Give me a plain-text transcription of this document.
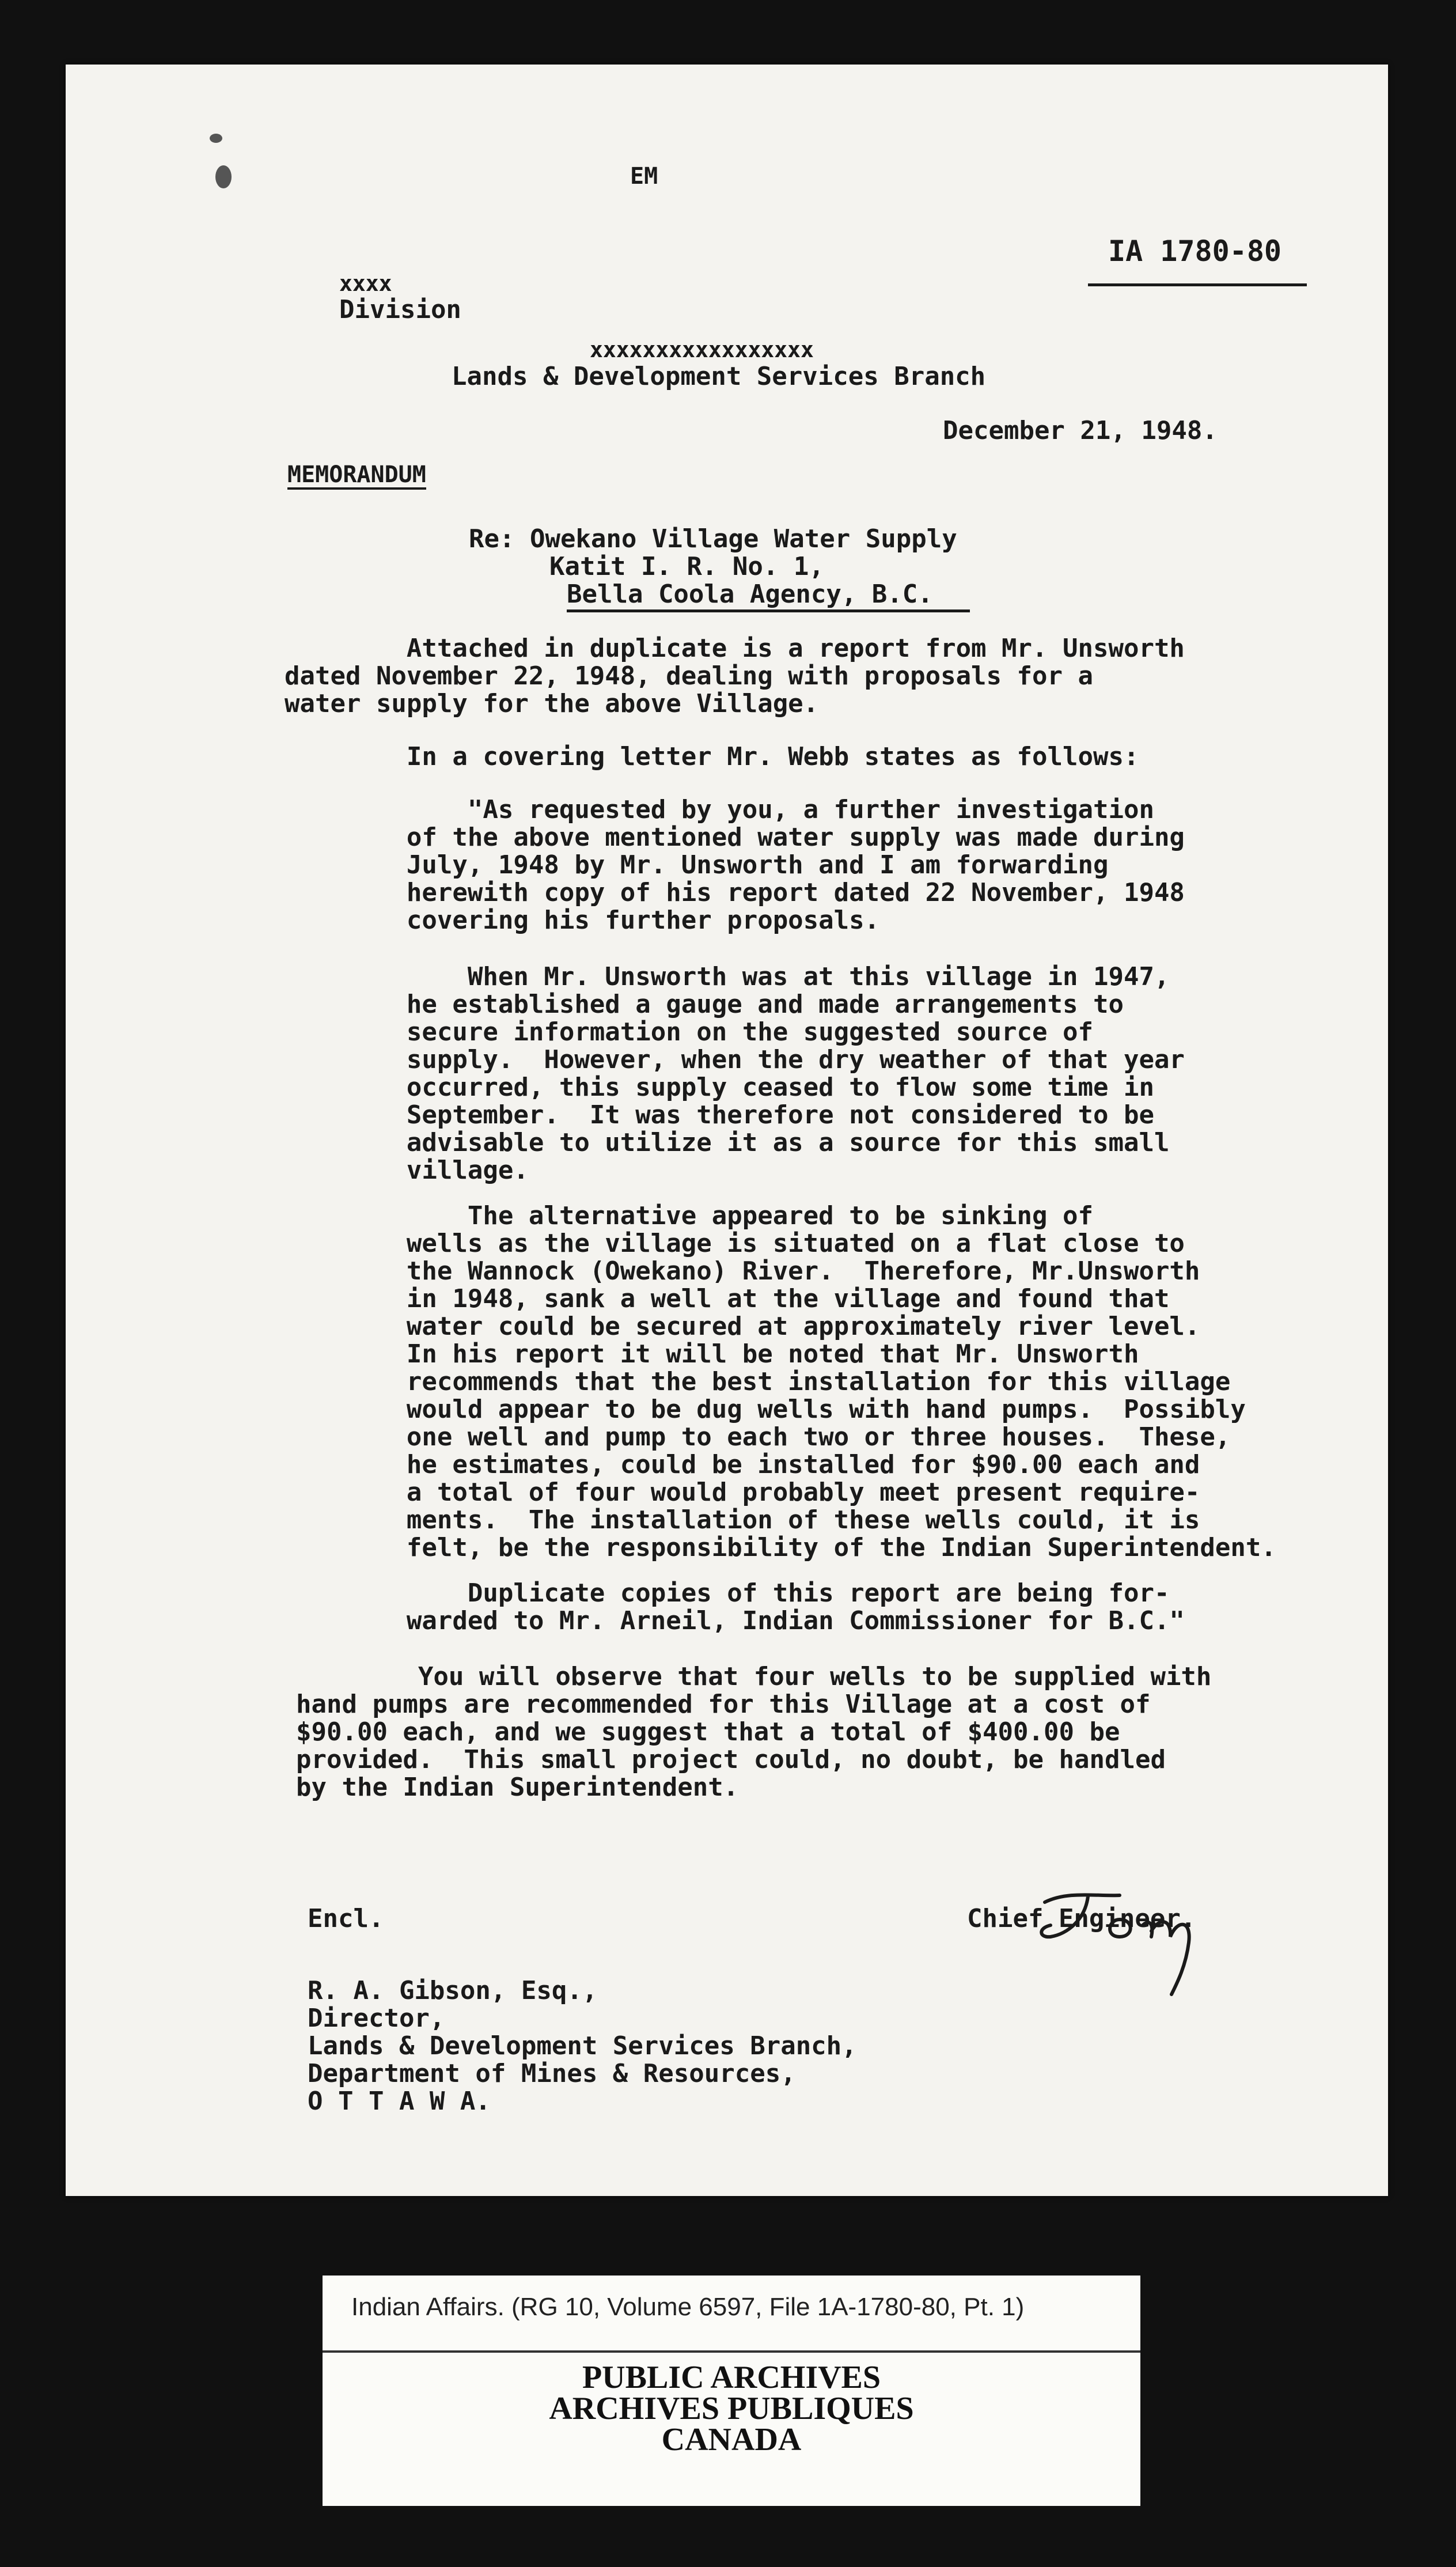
EM
IA 1780-80
xxxx
Division
xxxxxxxxxxxxxxxxx
Lands & Development Services Branch
December 21, 1948.
MEMORANDUM
Re: Owekano Village Water Supply
Katit I. R. No. 1,
Bella Coola Agency, B.C.
Attached in duplicate is a report from Mr. Unsworth
dated November 22, 1948, dealing with proposals for a
water supply for the above Village.
In a covering letter Mr. Webb states as follows:
"As requested by you, a further investigation
of the above mentioned water supply was made during
July, 1948 by Mr. Unsworth and I am forwarding
herewith copy of his report dated 22 November, 1948
covering his further proposals.
When Mr. Unsworth was at this village in 1947,
he established a gauge and made arrangements to
secure information on the suggested source of
supply.  However, when the dry weather of that year
occurred, this supply ceased to flow some time in
September.  It was therefore not considered to be
advisable to utilize it as a source for this small
village.
The alternative appeared to be sinking of
wells as the village is situated on a flat close to
the Wannock (Owekano) River.  Therefore, Mr.Unsworth
in 1948, sank a well at the village and found that
water could be secured at approximately river level.
In his report it will be noted that Mr. Unsworth
recommends that the best installation for this village
would appear to be dug wells with hand pumps.  Possibly
one well and pump to each two or three houses.  These,
he estimates, could be installed for $90.00 each and
a total of four would probably meet present require-
ments.  The installation of these wells could, it is
felt, be the responsibility of the Indian Superintendent.
Duplicate copies of this report are being for-
warded to Mr. Arneil, Indian Commissioner for B.C."
You will observe that four wells to be supplied with
hand pumps are recommended for this Village at a cost of
$90.00 each, and we suggest that a total of $400.00 be
provided.  This small project could, no doubt, be handled
by the Indian Superintendent.
Encl.	Chief Engineer.
R. A. Gibson, Esq.,
Director,
Lands & Development Services Branch,
Department of Mines & Resources,
O T T A W A.
Indian Affairs. (RG 10, Volume 6597, File 1A-1780-80, Pt. 1)
PUBLIC ARCHIVES
ARCHIVES PUBLIQUES
CANADA
